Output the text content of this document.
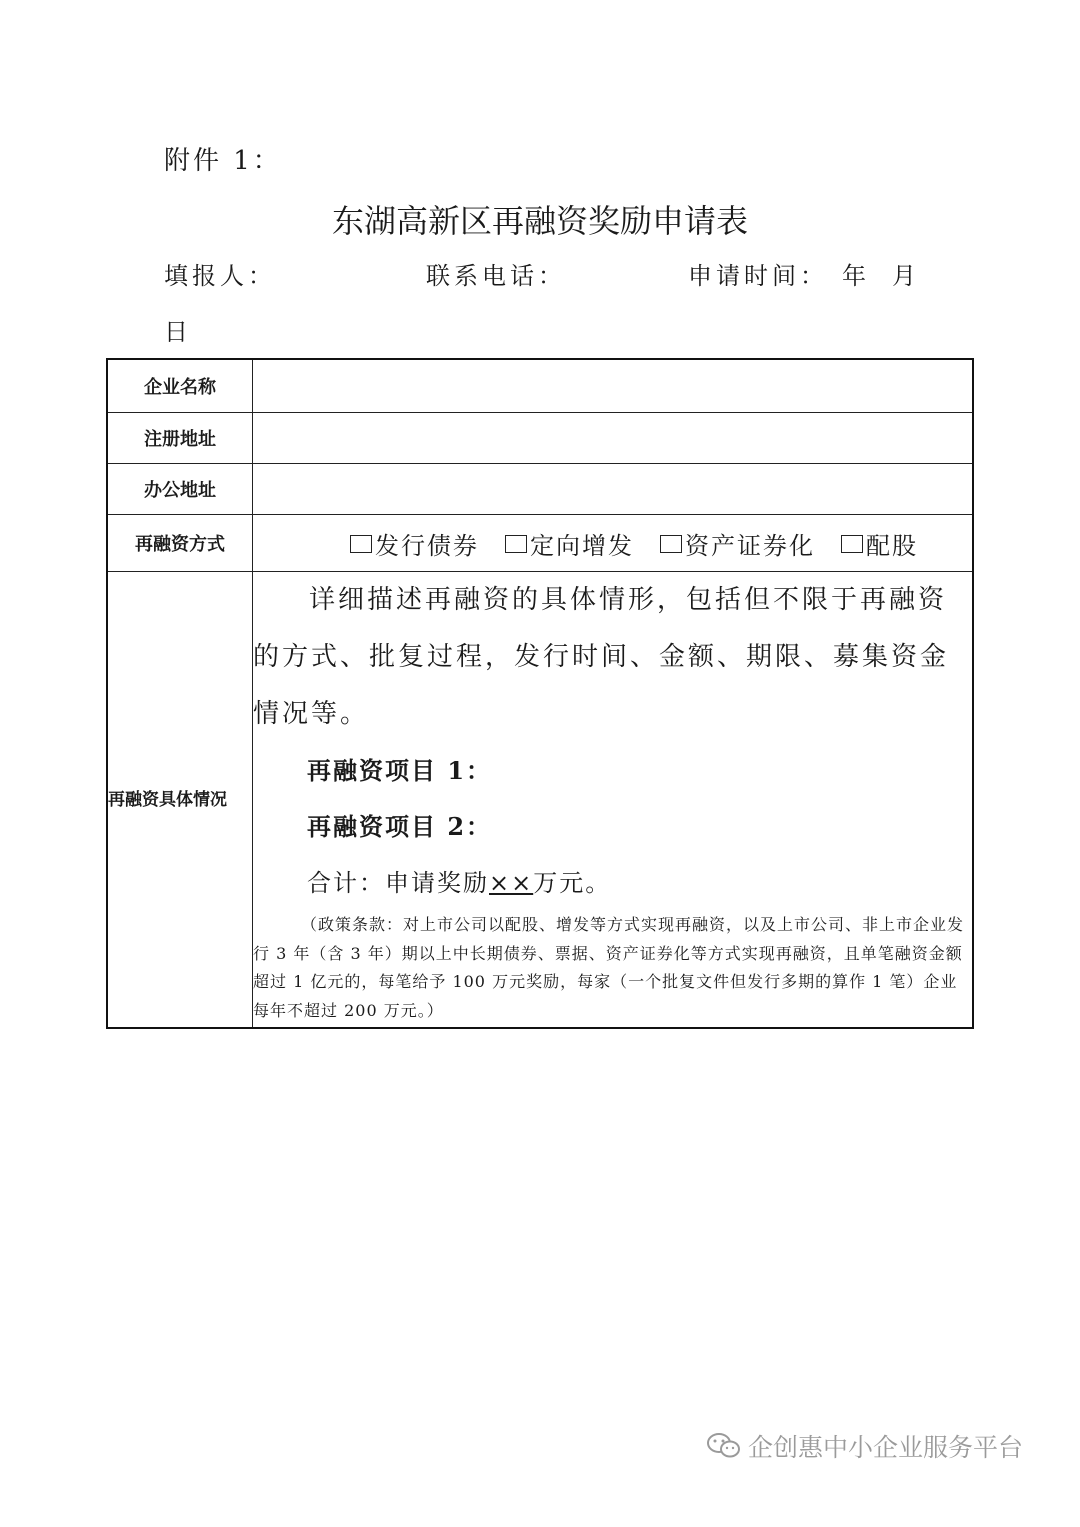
附件 1：
东湖高新区再融资奖励申请表
填报人：	联系电话：	申请时间： 年 月
日
企业名称	
注册地址	
办公地址	
再融资方式	发行债券 定向增发 资产证券化 配股

再融资具体情况	详细描述再融资的具体情形，包括但不限于再融资的方式、批复过程，发行时间、金额、期限、募集资金情况等。

再融资项目 1：
再融资项目 2：
合计：申请奖励××万元。

（政策条款：对上市公司以配股、增发等方式实现再融资，以及上市公司、非上市企业发行 3 年（含 3 年）期以上中长期债券、票据、资产证券化等方式实现再融资，且单笔融资金额超过 1 亿元的，每笔给予 100 万元奖励，每家（一个批复文件但发行多期的算作 1 笔）企业每年不超过 200 万元。）

企创惠中小企业服务平台
